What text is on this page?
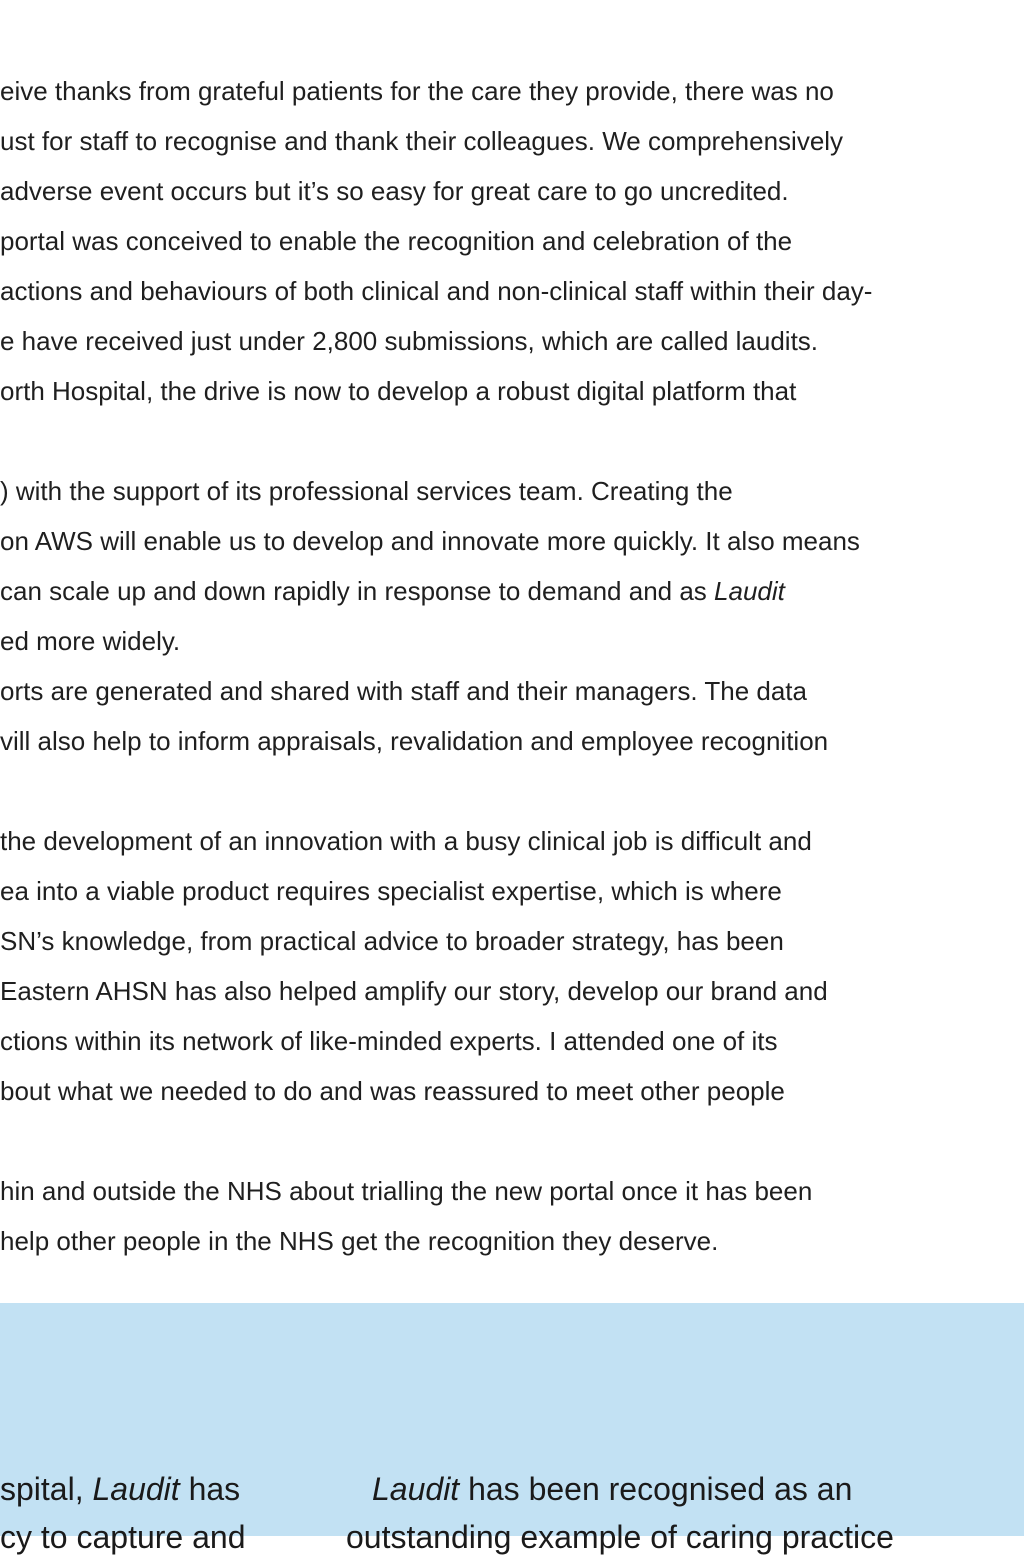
eive thanks from grateful patients for the care they provide, there was no
ust for staff to recognise and thank their colleagues. We comprehensively
adverse event occurs but it’s so easy for great care to go uncredited.
portal was conceived to enable the recognition and celebration of the
actions and behaviours of both clinical and non-clinical staff within their day-
e have received just under 2,800 submissions, which are called laudits.
orth Hospital, the drive is now to develop a robust digital platform that
) with the support of its professional services team. Creating the
on AWS will enable us to develop and innovate more quickly. It also means
can scale up and down rapidly in response to demand and as Laudit
ed more widely.
orts are generated and shared with staff and their managers. The data
vill also help to inform appraisals, revalidation and employee recognition
the development of an innovation with a busy clinical job is difficult and
ea into a viable product requires specialist expertise, which is where
SN’s knowledge, from practical advice to broader strategy, has been
Eastern AHSN has also helped amplify our story, develop our brand and
ctions within its network of like-minded experts. I attended one of its
bout what we needed to do and was reassured to meet other people
hin and outside the NHS about trialling the new portal once it has been
help other people in the NHS get the recognition they deserve.
spital, Laudit has
cy to capture and
Laudit has been recognised as an
outstanding example of caring practice
